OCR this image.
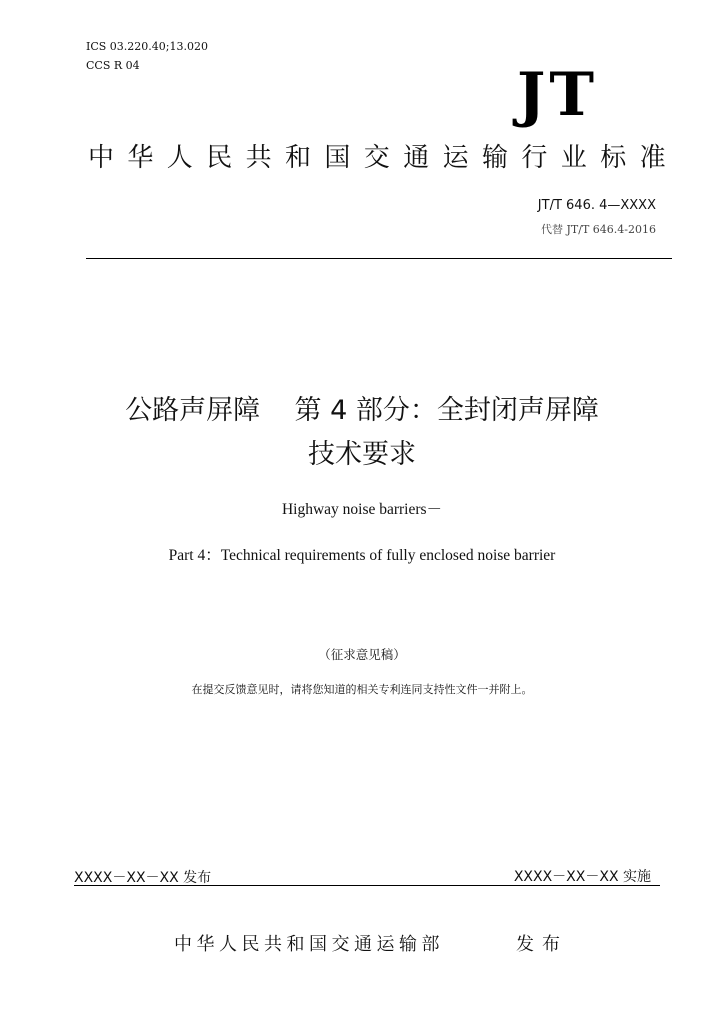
ICS 03.220.40;13.020
CCS R 04	JT
中华人民共和国交通运输行业标准
JT/T 646. 4—XXXX
代替 JT/T 646.4-2016
公路声屏障    第 4 部分：全封闭声屏障
技术要求
Highway noise barriers－
Part 4：Technical requirements of fully enclosed noise barrier
（征求意见稿）
在提交反馈意见时，请将您知道的相关专利连同支持性文件一并附上。
XXXX－XX－XX 发布	XXXX－XX－XX 实施
中华人民共和国交通运输部	发布
